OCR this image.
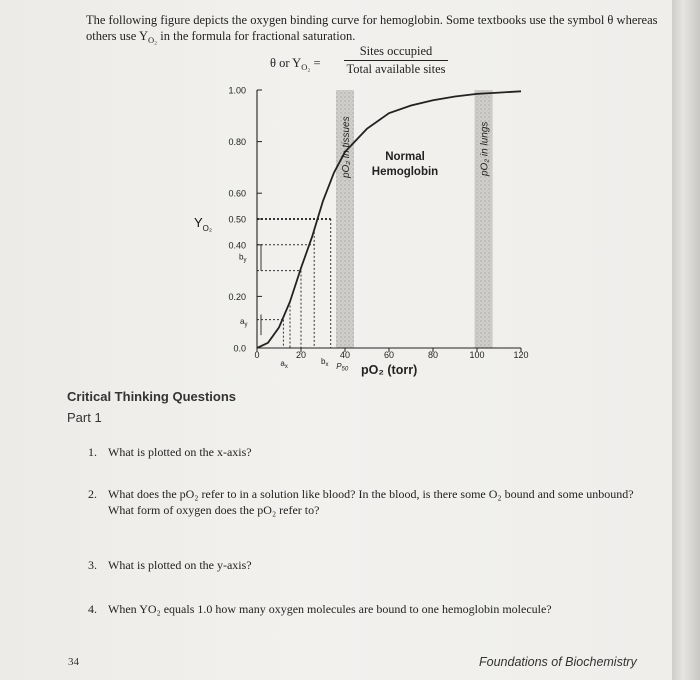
The following figure depicts the oxygen binding curve for hemoglobin. Some textbooks use the symbol θ whereas others use $Y_{O_2}$ in the formula for fractional saturation.
θ or $Y_{O_2}$ =
Sites occupied
Total available sites
pO₂ in tissues	pO₂ in lungs
1.00
0.80
0.60
0.50
0.40
0.20
0.0
0	20	40	60	80	100	120
Normal
Hemoglobin
$Y_{O_2}$
pO₂ (torr)
$b_y$
$a_y$
$a_x$
$b_x$ P50
Critical Thinking Questions
Part 1
1. What is plotted on the x-axis?
2. What does the pO₂ refer to in a solution like blood? In the blood, is there some O₂ bound and some unbound? What form of oxygen does the pO₂ refer to?
3. What is plotted on the y-axis?
4. When YO₂ equals 1.0 how many oxygen molecules are bound to one hemoglobin molecule?
34	Foundations of Biochemistry
